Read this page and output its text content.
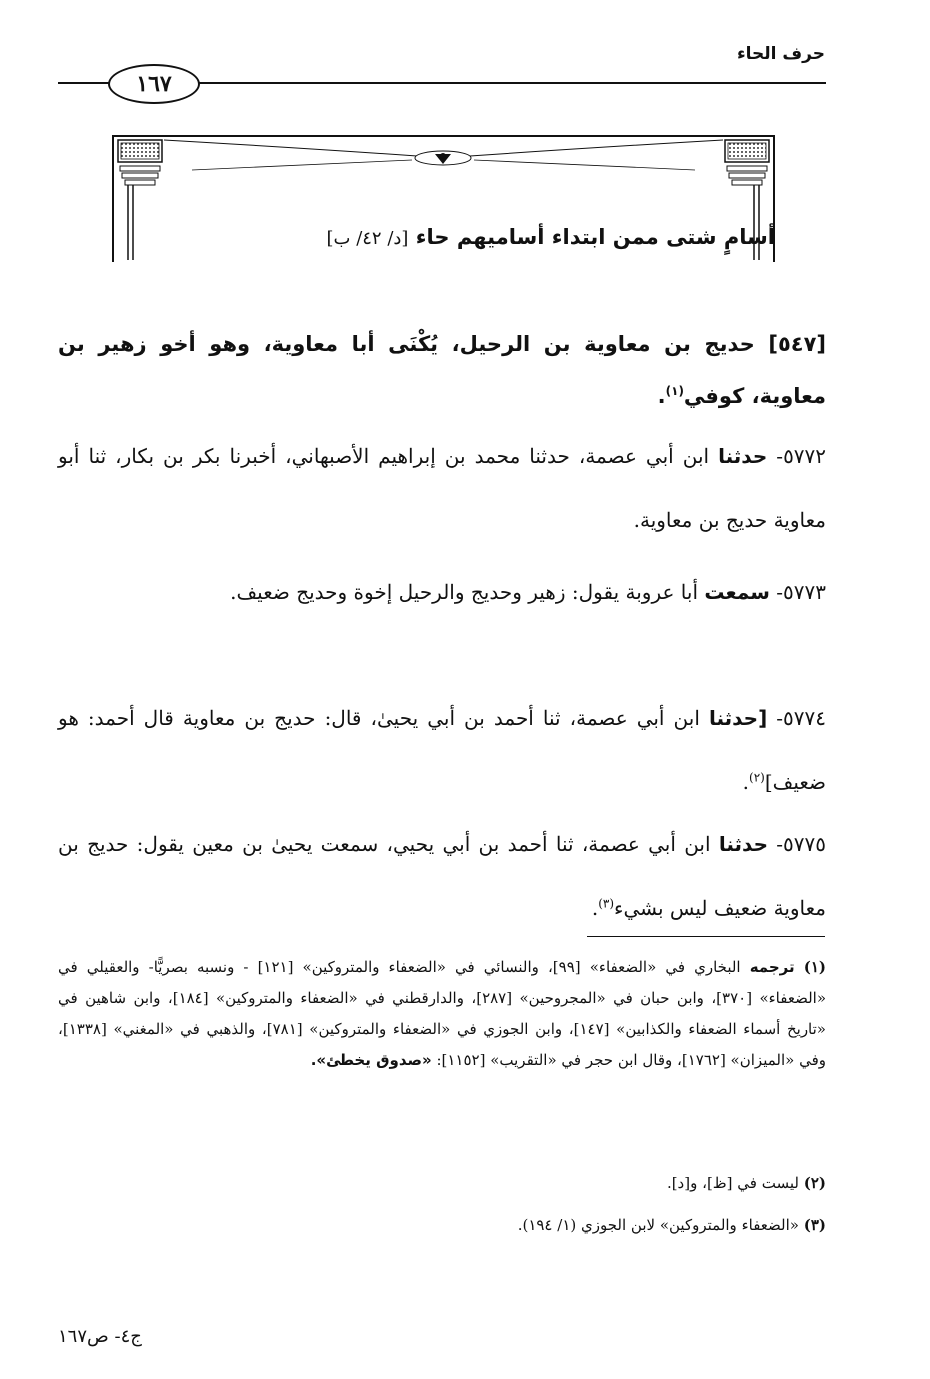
حرف الحاء
١٦٧
أسامٍ شتى ممن ابتداء أساميهم حاء [د/ ٤٢/ ب]
[٥٤٧] حديج بن معاوية بن الرحيل، يُكْنَى أبا معاوية، وهو أخو زهير بن معاوية، كوفي$^{(١)}$.
٥٧٧٢- حدثنا ابن أبي عصمة، حدثنا محمد بن إبراهيم الأصبهاني، أخبرنا بكر بن بكار، ثنا أبو معاوية حديج بن معاوية.
٥٧٧٣- سمعت أبا عروبة يقول: زهير وحديج والرحيل إخوة وحديج ضعيف.
٥٧٧٤- [حدثنا ابن أبي عصمة، ثنا أحمد بن أبي يحيىٰ، قال: حديج بن معاوية قال أحمد: هو ضعيف]$^{(٢)}$.
٥٧٧٥- حدثنا ابن أبي عصمة، ثنا أحمد بن أبي يحيي، سمعت يحيىٰ بن معين يقول: حديج بن معاوية ضعيف ليس بشيء$^{(٣)}$.
(١) ترجمه البخاري في «الضعفاء» [٩٩]، والنسائي في «الضعفاء والمتروكين» [١٢١] - ونسبه بصريًّا- والعقيلي في «الضعفاء» [٣٧٠]، وابن حبان في «المجروحين» [٢٨٧]، والدارقطني في «الضعفاء والمتروكين» [١٨٤]، وابن شاهين في «تاريخ أسماء الضعفاء والكذابين» [١٤٧]، وابن الجوزي في «الضعفاء والمتروكين» [٧٨١]، والذهبي في «المغني» [١٣٣٨]، وفي «الميزان» [١٧٦٢]، وقال ابن حجر في «التقريب» [١١٥٢]: «صدوق يخطئ».
(٢) ليست في [ظ]، و[د].
(٣) «الضعفاء والمتروكين» لابن الجوزي (١/ ١٩٤).
ج٤- ص١٦٧
